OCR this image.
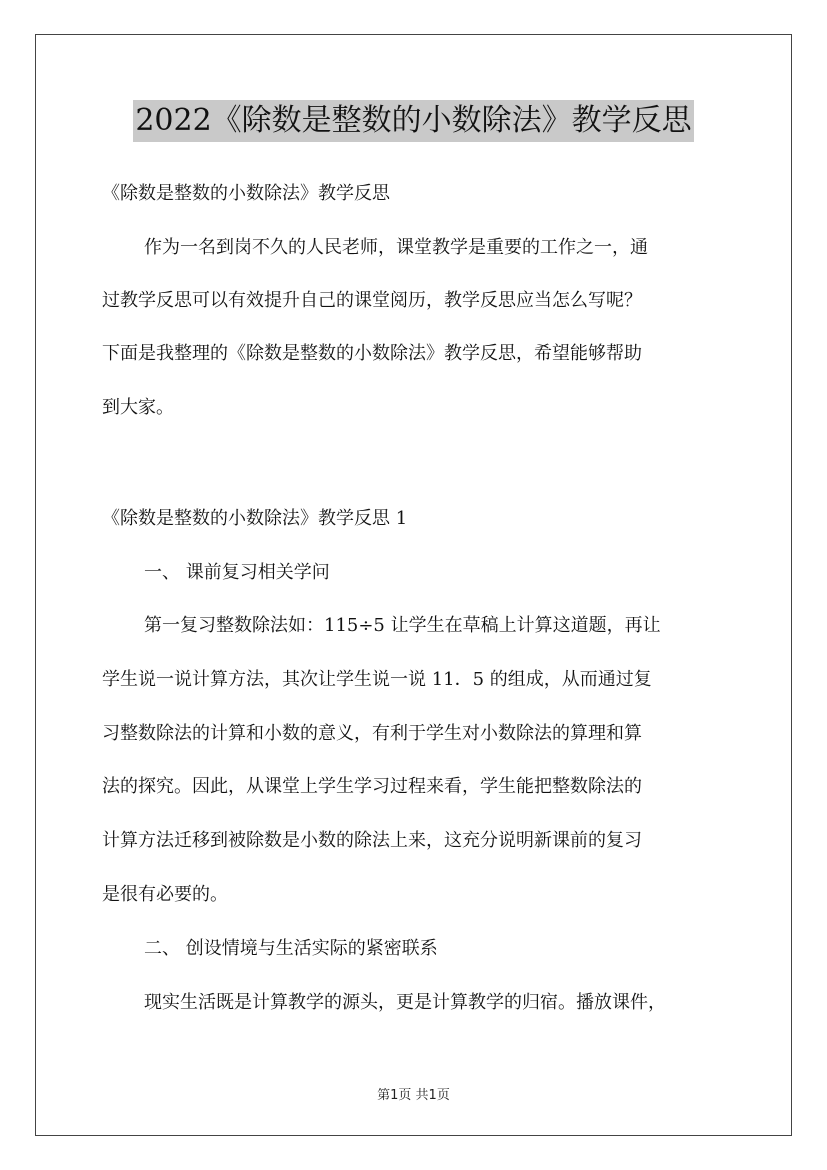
2022《除数是整数的小数除法》教学反思
《除数是整数的小数除法》教学反思
作为一名到岗不久的人民老师，课堂教学是重要的工作之一，通
过教学反思可以有效提升自己的课堂阅历，教学反思应当怎么写呢？
下面是我整理的《除数是整数的小数除法》教学反思，希望能够帮助
到大家。
《除数是整数的小数除法》教学反思 1
一、 课前复习相关学问
第一复习整数除法如：115÷5 让学生在草稿上计算这道题，再让
学生说一说计算方法，其次让学生说一说 11．5 的组成，从而通过复
习整数除法的计算和小数的意义，有利于学生对小数除法的算理和算
法的探究。因此，从课堂上学生学习过程来看，学生能把整数除法的
计算方法迁移到被除数是小数的除法上来，这充分说明新课前的复习
是很有必要的。
二、 创设情境与生活实际的紧密联系
现实生活既是计算教学的源头，更是计算教学的归宿。播放课件，
第1页 共1页
